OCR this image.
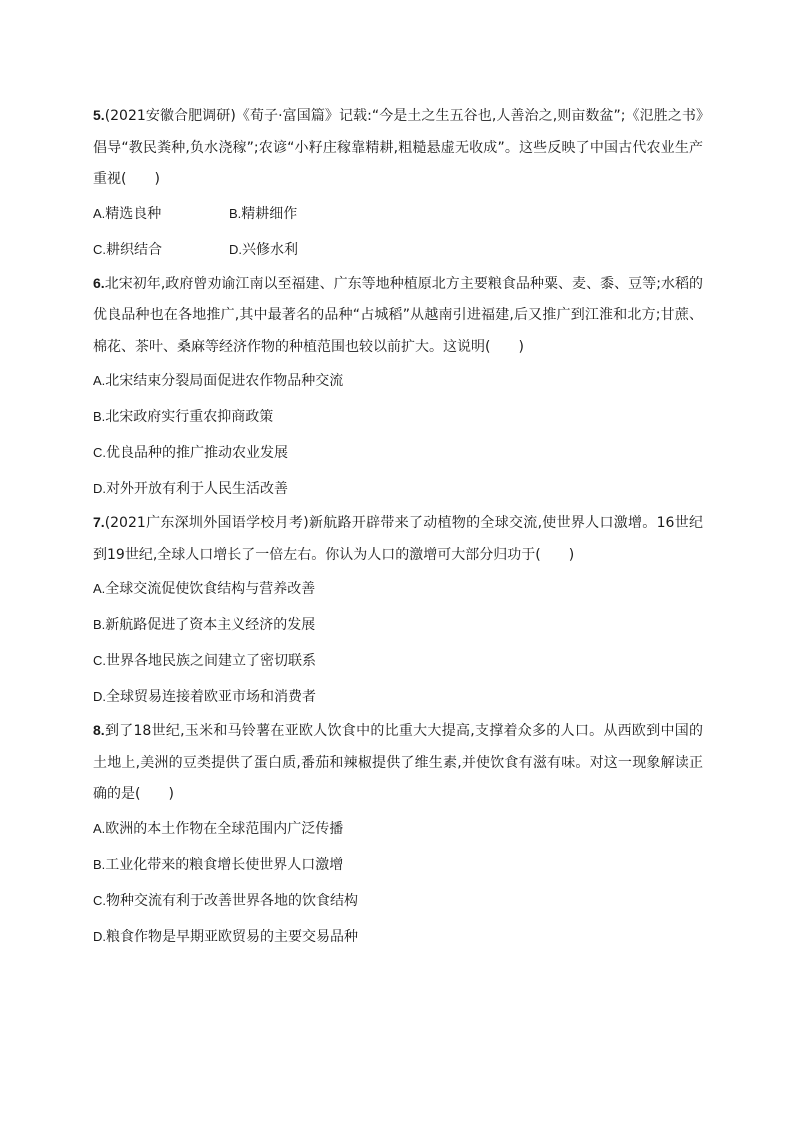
5.(2021安徽合肥调研)《荀子·富国篇》记载:“今是土之生五谷也,人善治之,则亩数盆”;《氾胜之书》倡导“教民粪种,负水浇稼”;农谚“小籽庄稼靠精耕,粗糙悬虚无收成”。这些反映了中国古代农业生产重视(　　)

A.精选良种	B.精耕细作

C.耕织结合	D.兴修水利

6.北宋初年,政府曾劝谕江南以至福建、广东等地种植原北方主要粮食品种粟、麦、黍、豆等;水稻的优良品种也在各地推广,其中最著名的品种“占城稻”从越南引进福建,后又推广到江淮和北方;甘蔗、棉花、茶叶、桑麻等经济作物的种植范围也较以前扩大。这说明(　　)

A.北宋结束分裂局面促进农作物品种交流

B.北宋政府实行重农抑商政策

C.优良品种的推广推动农业发展

D.对外开放有利于人民生活改善

7.(2021广东深圳外国语学校月考)新航路开辟带来了动植物的全球交流,使世界人口激增。16世纪到19世纪,全球人口增长了一倍左右。你认为人口的激增可大部分归功于(　　)

A.全球交流促使饮食结构与营养改善

B.新航路促进了资本主义经济的发展

C.世界各地民族之间建立了密切联系

D.全球贸易连接着欧亚市场和消费者

8.到了18世纪,玉米和马铃薯在亚欧人饮食中的比重大大提高,支撑着众多的人口。从西欧到中国的土地上,美洲的豆类提供了蛋白质,番茄和辣椒提供了维生素,并使饮食有滋有味。对这一现象解读正确的是(　　)

A.欧洲的本土作物在全球范围内广泛传播

B.工业化带来的粮食增长使世界人口激增

C.物种交流有利于改善世界各地的饮食结构

D.粮食作物是早期亚欧贸易的主要交易品种
